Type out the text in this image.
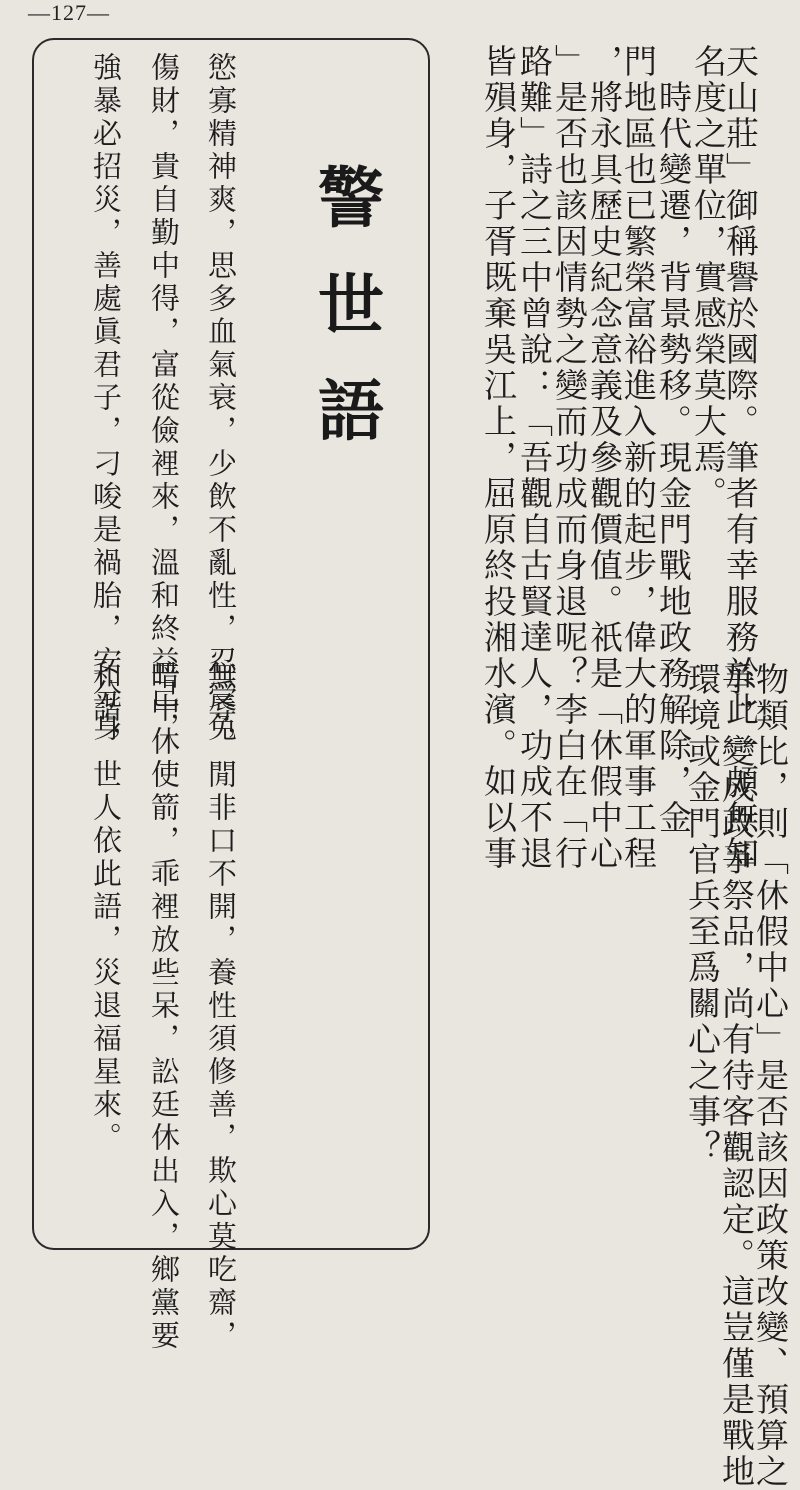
—127—
天山莊」御稱譽於國際。筆者有幸服務於此一頗無知
名度之單位，實感榮莫大焉。
　時代變遷，背景勢移。現金門戰地政務解除，金
門地區也已繁榮富裕進入新的起步，偉大的軍事工程
，將永具歷史紀念意義及參觀價值。祇是「休假中心
」是否也該因情勢之變而功成而身退呢？李白在「行
路難」詩之三中曾說：「吾觀自古賢達人，功成不退
皆殞身，子胥既棄吳江上，屈原終投湘水濱。如以事
物類比，則「休假中心」是否該因政策改變、預算之
爭，變成政爭祭品，尚有待客觀認定。這豈僅是戰地
環境或金門官兵至爲關心之事？
警
世
語
慾寡精神爽，思多血氣衰，少飲不亂性，忍受免
傷財，貴自勤中得，富從儉裡來，溫和終益己，
強暴必招災，善處眞君子，刁唆是禍胎，安分身
無辱，閒非口不開，養性須修善，欺心莫吃齋，
暗中休使箭，乖裡放些呆，訟廷休出入，鄉黨要
和諧，世人依此語，災退福星來。
